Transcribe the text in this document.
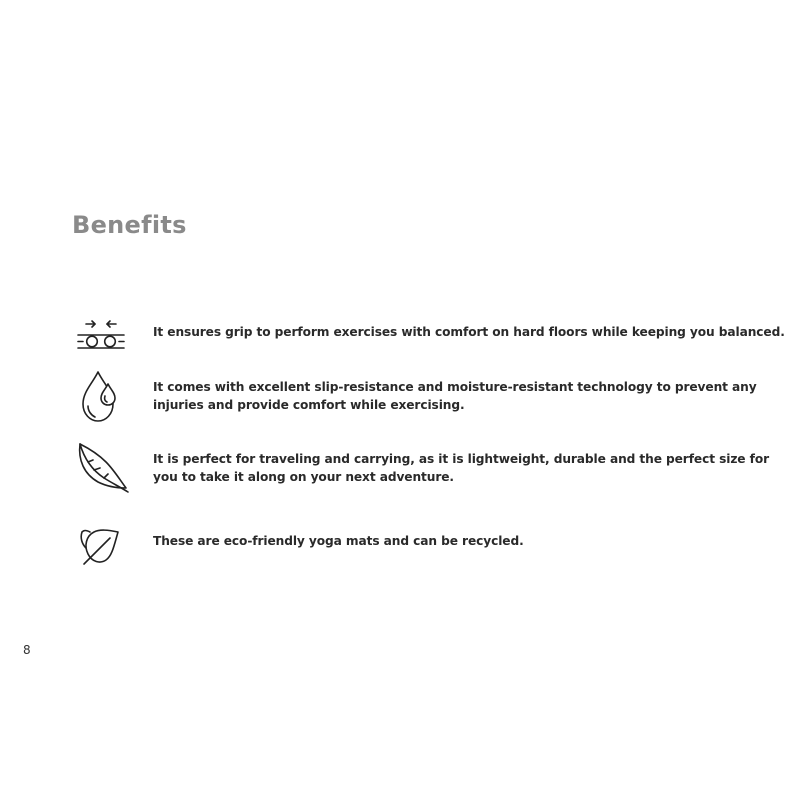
Benefits
It ensures grip to perform exercises with comfort on hard floors while keeping you balanced.
It comes with excellent slip-resistance and moisture-resistant technology to prevent any injuries and provide comfort while exercising.
It is perfect for traveling and carrying, as it is lightweight, durable and the perfect size for you to take it along on your next adventure.
These are eco-friendly yoga mats and can be recycled.
8
